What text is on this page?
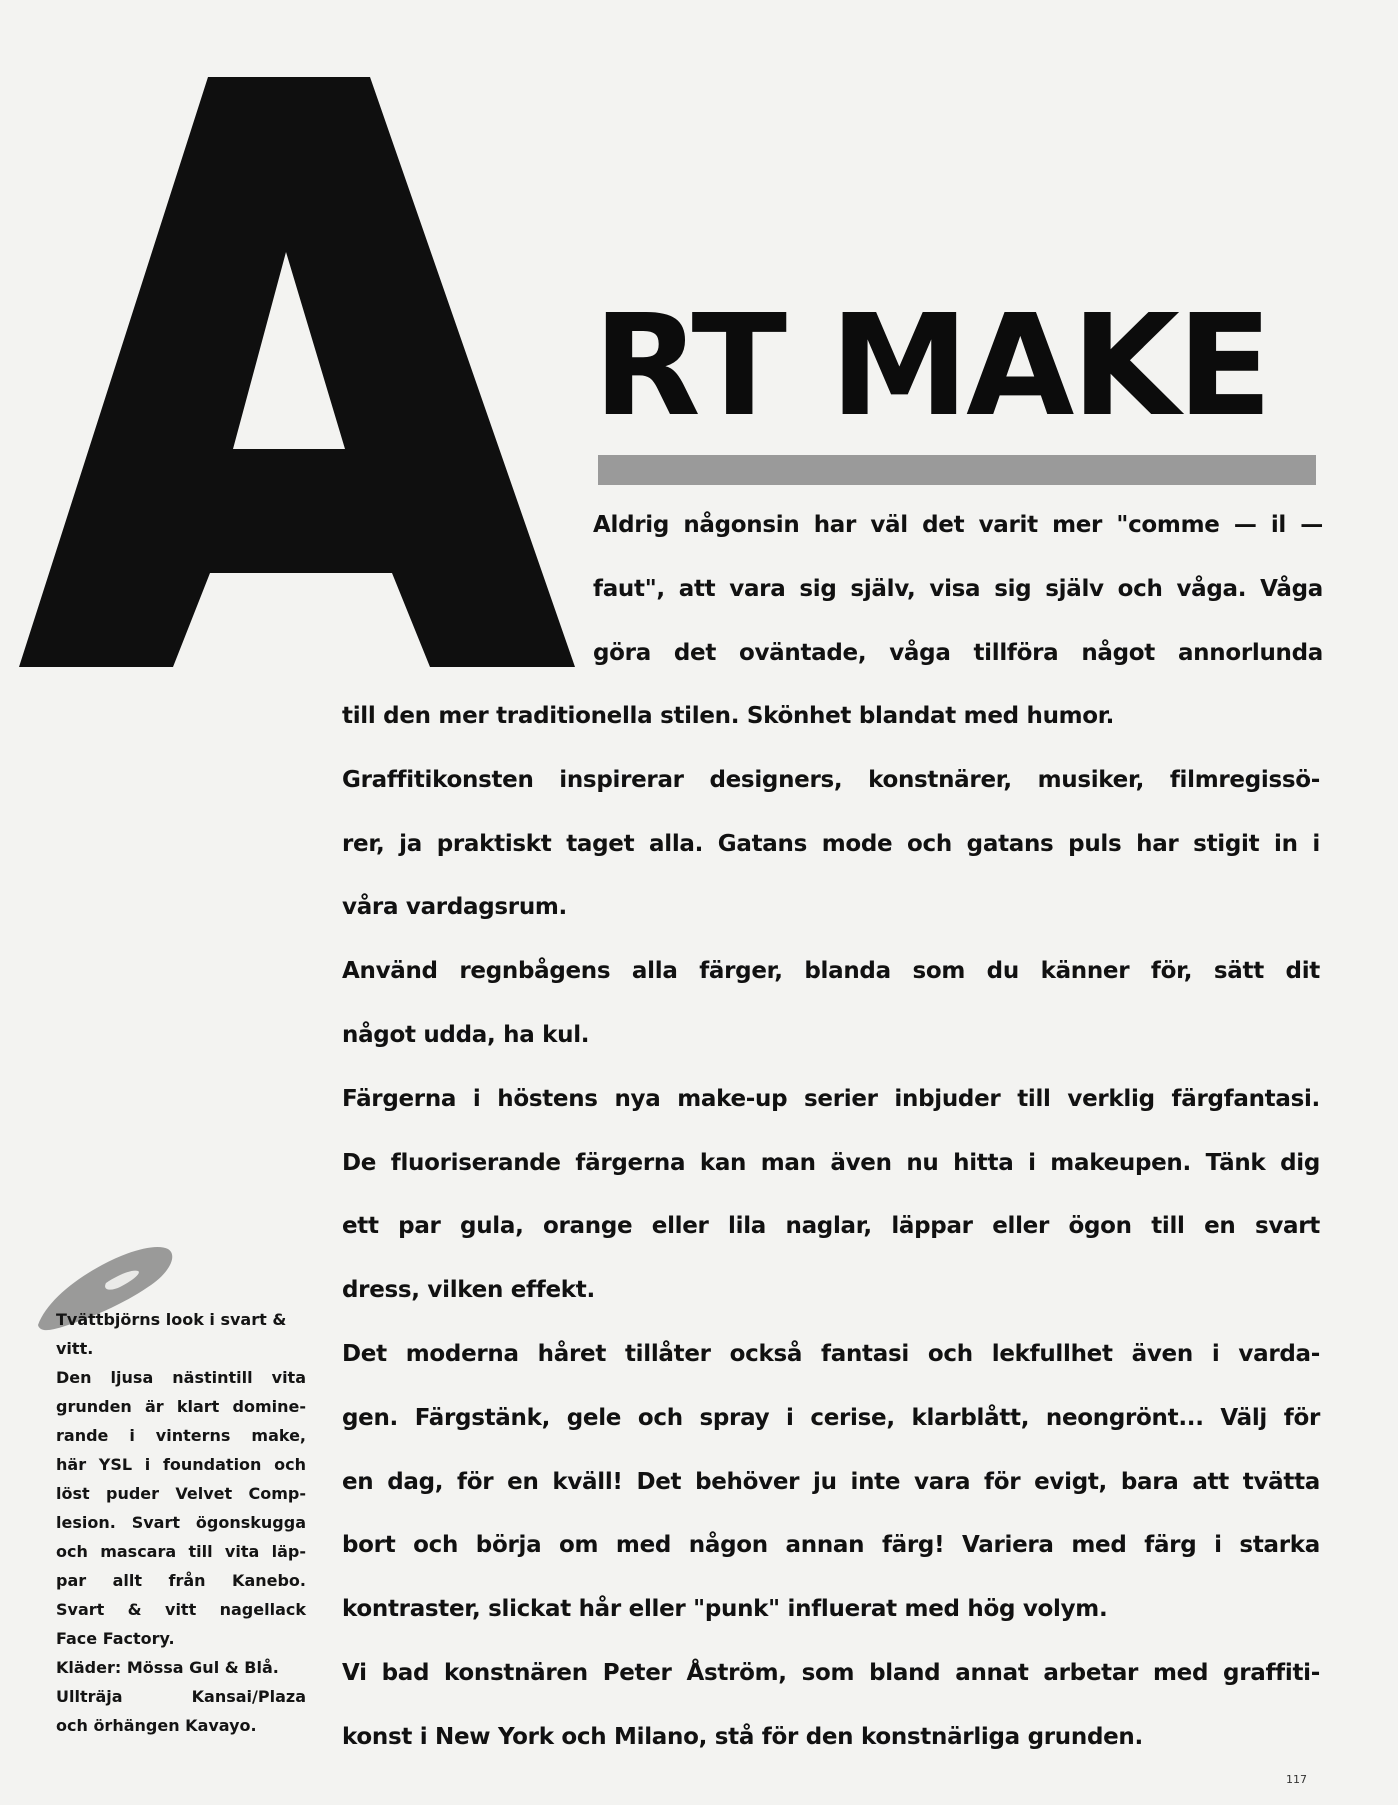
RT MAKE

Aldrig någonsin har väl det varit mer "comme — il —

faut", att vara sig själv, visa sig själv och våga. Våga

göra det oväntade, våga tillföra något annorlunda

till den mer traditionella stilen. Skönhet blandat med humor.

Graffitikonsten inspirerar designers, konstnärer, musiker, filmregissö-
rer, ja praktiskt taget alla. Gatans mode och gatans puls har stigit in i
våra vardagsrum.

Använd regnbågens alla färger, blanda som du känner för, sätt dit
något udda, ha kul.

Färgerna i höstens nya make-up serier inbjuder till verklig färgfantasi.
De fluoriserande färgerna kan man även nu hitta i makeupen. Tänk dig
ett par gula, orange eller lila naglar, läppar eller ögon till en svart
dress, vilken effekt.

Det moderna håret tillåter också fantasi och lekfullhet även i varda-
gen. Färgstänk, gele och spray i cerise, klarblått, neongrönt... Välj för
en dag, för en kväll! Det behöver ju inte vara för evigt, bara att tvätta
bort och börja om med någon annan färg! Variera med färg i starka
kontraster, slickat hår eller "punk" influerat med hög volym.

Vi bad konstnären Peter Åström, som bland annat arbetar med graffiti-
konst i New York och Milano, stå för den konstnärliga grunden.

Tvättbjörns look i svart &
vitt.
Den ljusa nästintill vita
grunden är klart domine-
rande i vinterns make,
här YSL i foundation och
löst puder Velvet Comp-
lesion. Svart ögonskugga
och mascara till vita läp-
par allt från Kanebo.
Svart & vitt nagellack
Face Factory.
Kläder: Mössa Gul & Blå.
Ullträja Kansai/Plaza
och örhängen Kavayo.
117
